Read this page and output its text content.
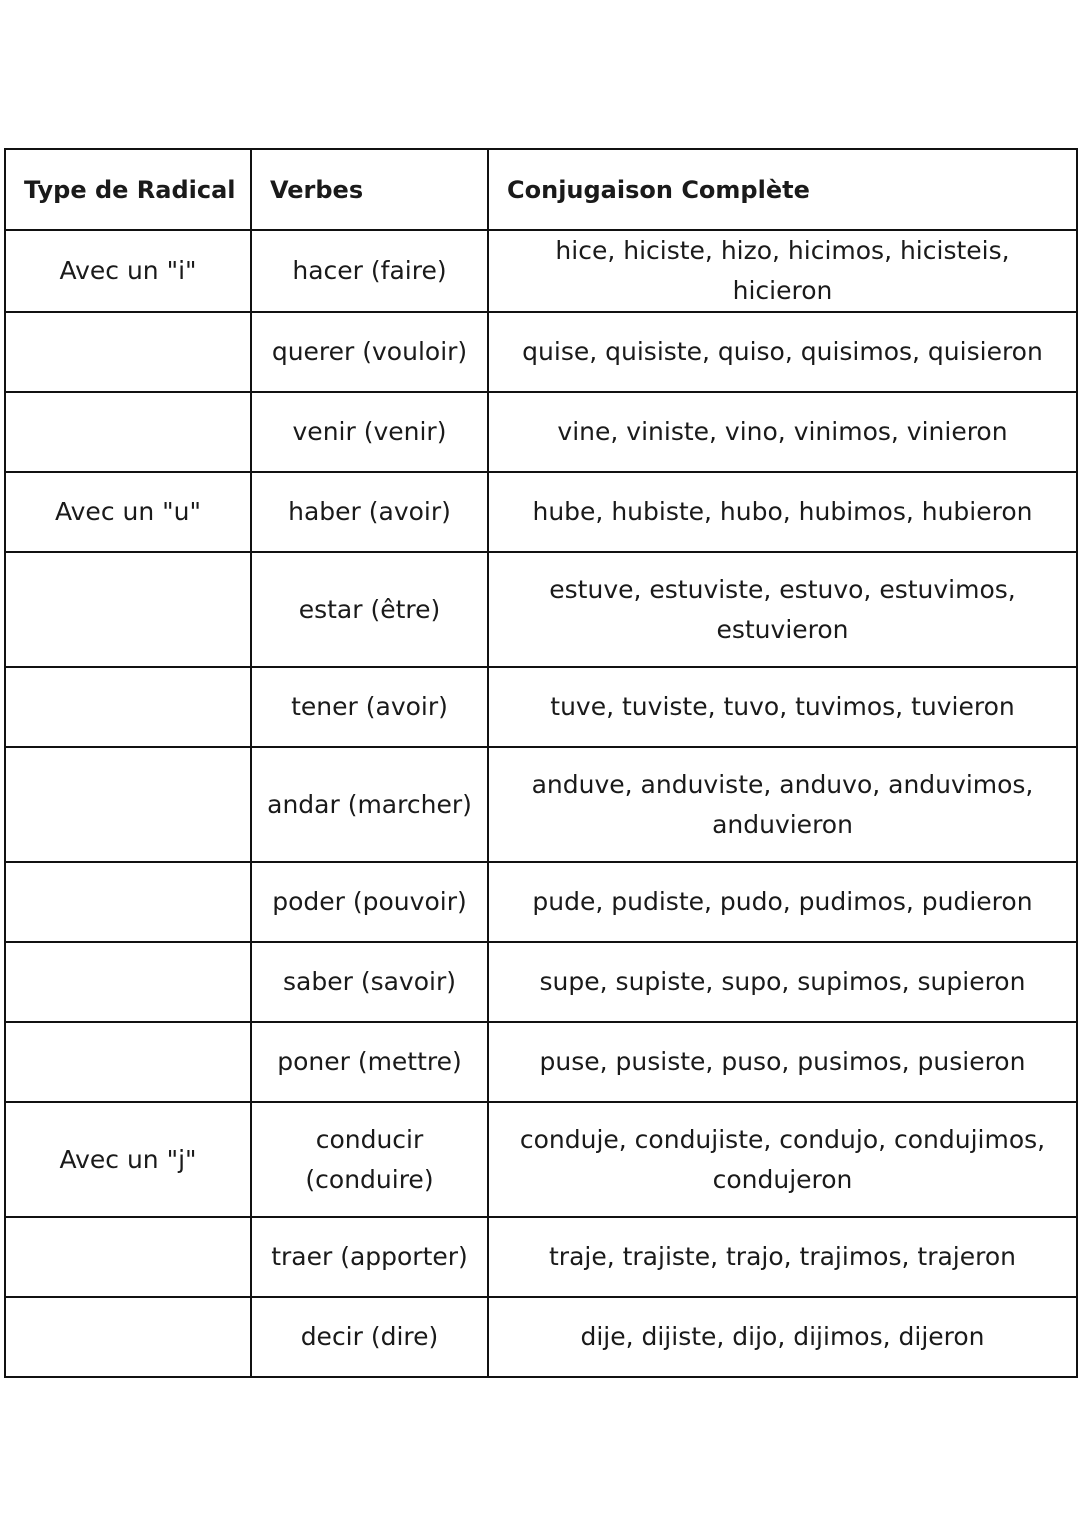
Type de Radical	Verbes	Conjugaison Complète
Avec un "i"	hacer (faire)	hice, hiciste, hizo, hicimos, hicisteis, hicieron
	querer (vouloir)	quise, quisiste, quiso, quisimos, quisieron
	venir (venir)	vine, viniste, vino, vinimos, vinieron
Avec un "u"	haber (avoir)	hube, hubiste, hubo, hubimos, hubieron
	estar (être)	estuve, estuviste, estuvo, estuvimos, estuvieron
	tener (avoir)	tuve, tuviste, tuvo, tuvimos, tuvieron
	andar (marcher)	anduve, anduviste, anduvo, anduvimos, anduvieron
	poder (pouvoir)	pude, pudiste, pudo, pudimos, pudieron
	saber (savoir)	supe, supiste, supo, supimos, supieron
	poner (mettre)	puse, pusiste, puso, pusimos, pusieron
Avec un "j"	conducir (conduire)	conduje, condujiste, condujo, condujimos, condujeron
	traer (apporter)	traje, trajiste, trajo, trajimos, trajeron
	decir (dire)	dije, dijiste, dijo, dijimos, dijeron
